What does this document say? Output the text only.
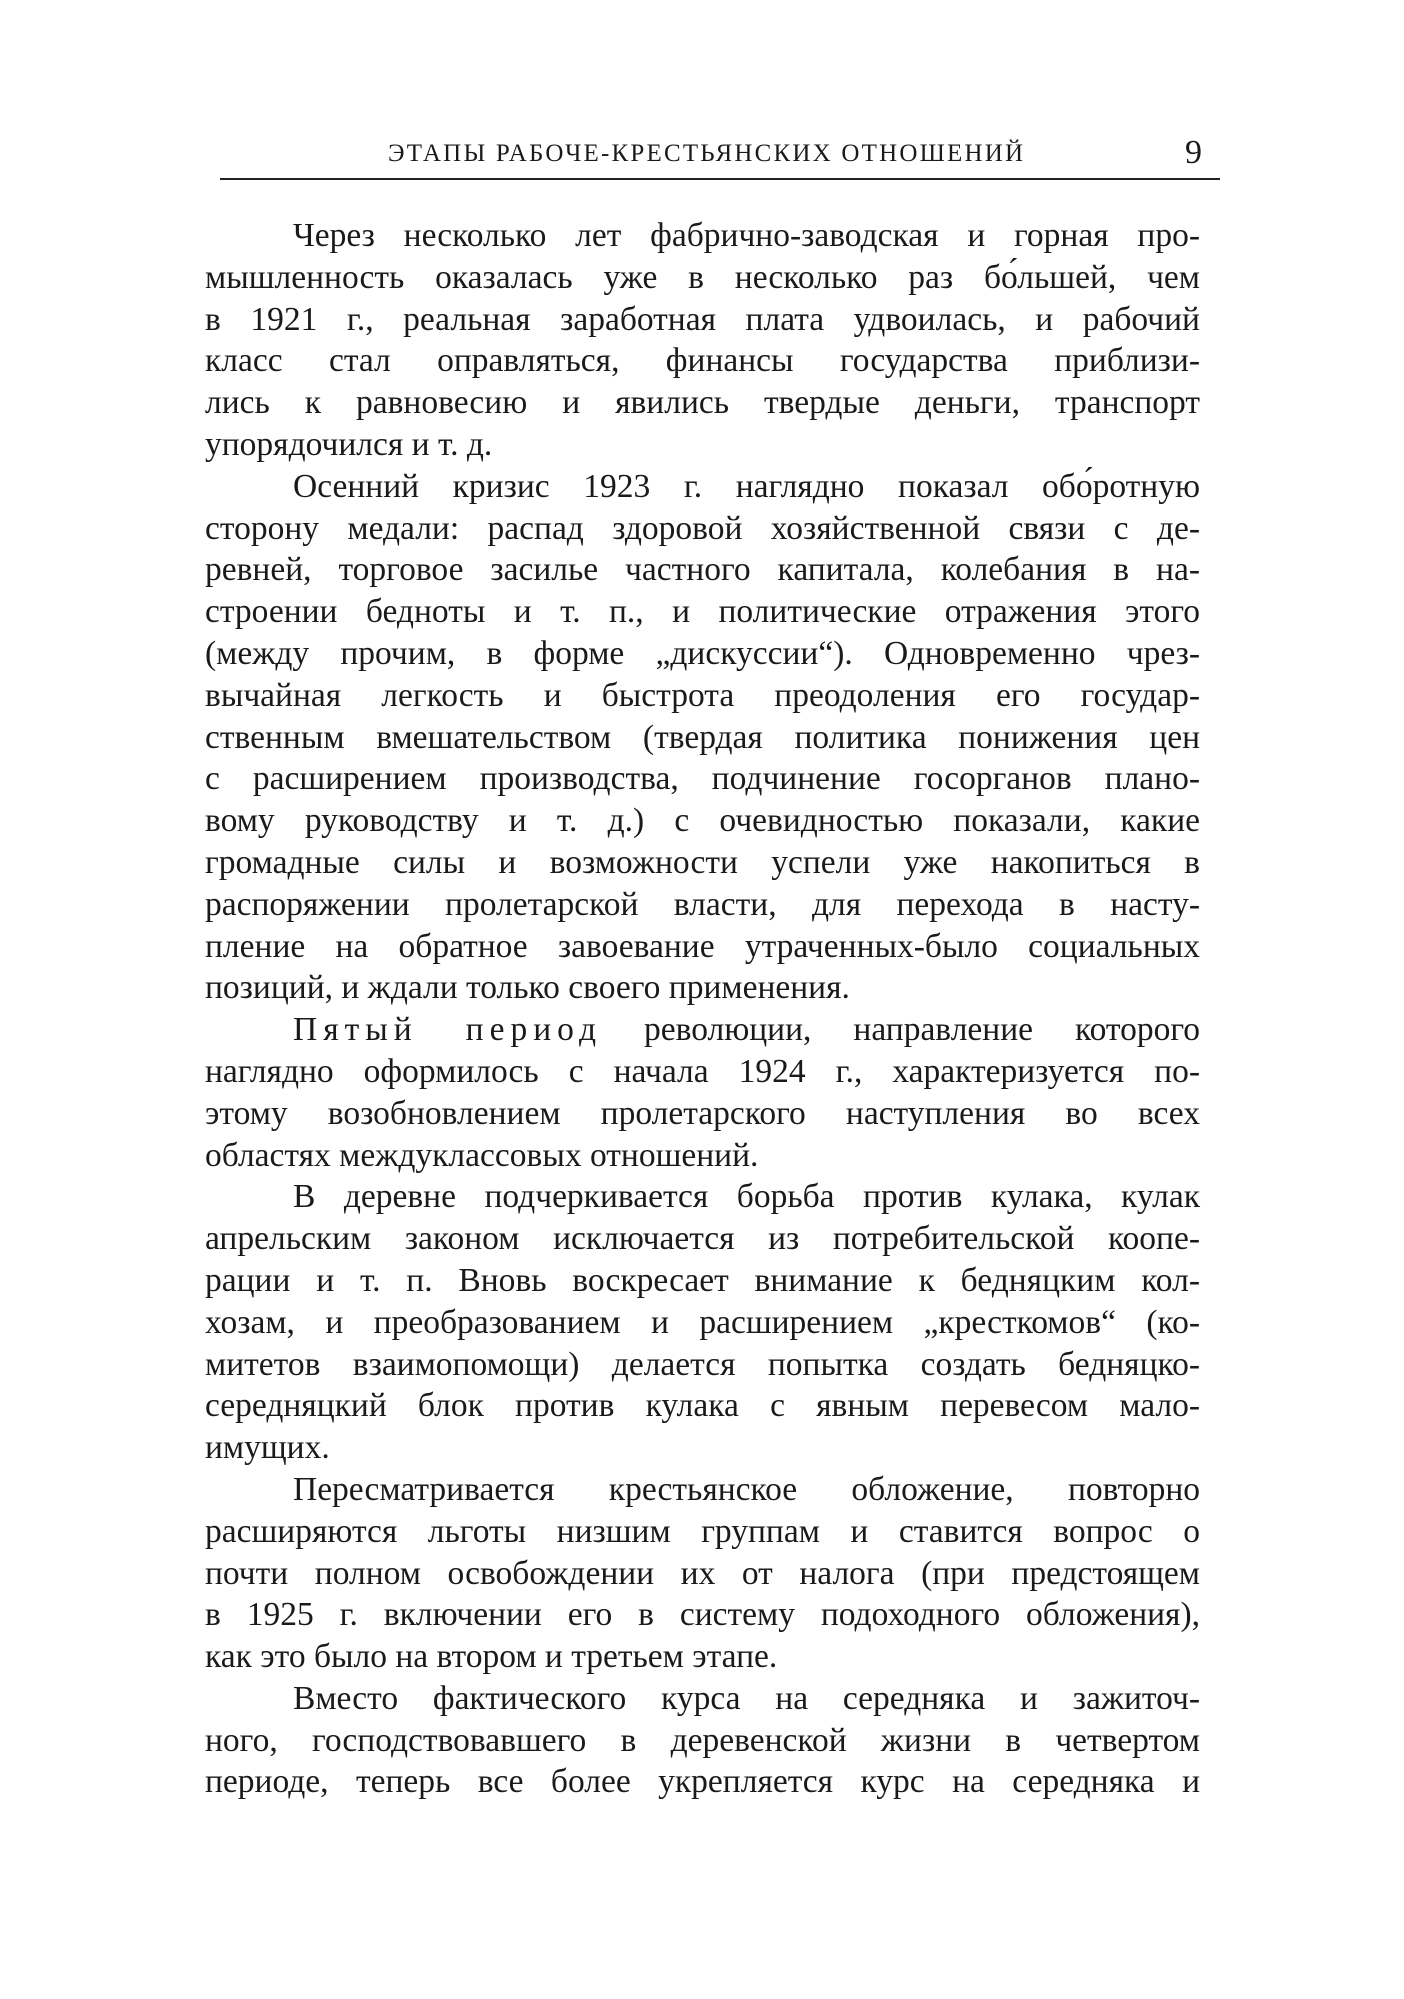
ЭТАПЫ РАБОЧЕ-КРЕСТЬЯНСКИХ ОТНОШЕНИЙ	9
Через несколько лет фабрично-заводская и горная про-
мышленность оказалась уже в несколько раз бо́льшей, чем
в 1921 г., реальная заработная плата удвоилась, и рабочий
класс стал оправляться, финансы государства приблизи-
лись к равновесию и явились твердые деньги, транспорт
упорядочился и т. д.
Осенний кризис 1923 г. наглядно показал обо́ротную
сторону медали: распад здоровой хозяйственной связи с де-
ревней, торговое засилье частного капитала, колебания в на-
строении бедноты и т. п., и политические отражения этого
(между прочим, в форме „дискуссии“). Одновременно чрез-
вычайная легкость и быстрота преодоления его государ-
ственным вмешательством (твердая политика понижения цен
с расширением производства, подчинение госорганов плано-
вому руководству и т. д.) с очевидностью показали, какие
громадные силы и возможности успели уже накопиться в
распоряжении пролетарской власти, для перехода в насту-
пление на обратное завоевание утраченных-было социальных
позиций, и ждали только своего применения.
Пятый период революции, направление которого
наглядно оформилось с начала 1924 г., характеризуется по-
этому возобновлением пролетарского наступления во всех
областях междуклассовых отношений.
В деревне подчеркивается борьба против кулака, кулак
апрельским законом исключается из потребительской коопе-
рации и т. п. Вновь воскресает внимание к бедняцким кол-
хозам, и преобразованием и расширением „кресткомов“ (ко-
митетов взаимопомощи) делается попытка создать бедняцко-
середняцкий блок против кулака с явным перевесом мало-
имущих.
Пересматривается крестьянское обложение, повторно
расширяются льготы низшим группам и ставится вопрос о
почти полном освобождении их от налога (при предстоящем
в 1925 г. включении его в систему подоходного обложения),
как это было на втором и третьем этапе.
Вместо фактического курса на середняка и зажиточ-
ного, господствовавшего в деревенской жизни в четвертом
периоде, теперь все более укрепляется курс на середняка и
